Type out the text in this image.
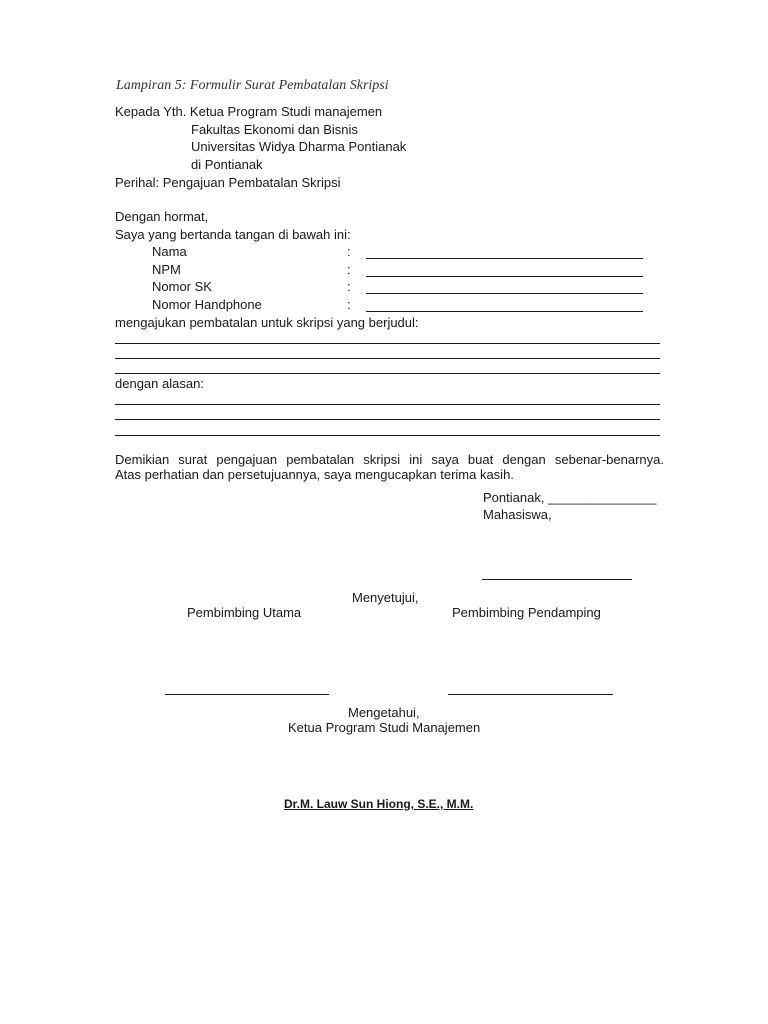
Lampiran 5: Formulir Surat Pembatalan Skripsi
Kepada Yth. Ketua Program Studi manajemen
Fakultas Ekonomi dan Bisnis
Universitas Widya Dharma Pontianak
di Pontianak
Perihal: Pengajuan Pembatalan Skripsi
Dengan hormat,
Saya yang bertanda tangan di bawah ini:
Nama	:
NPM	:
Nomor SK	:
Nomor Handphone	:
mengajukan pembatalan untuk skripsi yang berjudul:
dengan alasan:
Demikian surat pengajuan pembatalan skripsi ini saya buat dengan sebenar-benarnya.
Atas perhatian dan persetujuannya, saya mengucapkan terima kasih.
Pontianak, _______________
Mahasiswa,
Menyetujui,
Pembimbing Utama	Pembimbing Pendamping
Mengetahui,
Ketua Program Studi Manajemen
Dr.M. Lauw Sun Hiong, S.E., M.M.
